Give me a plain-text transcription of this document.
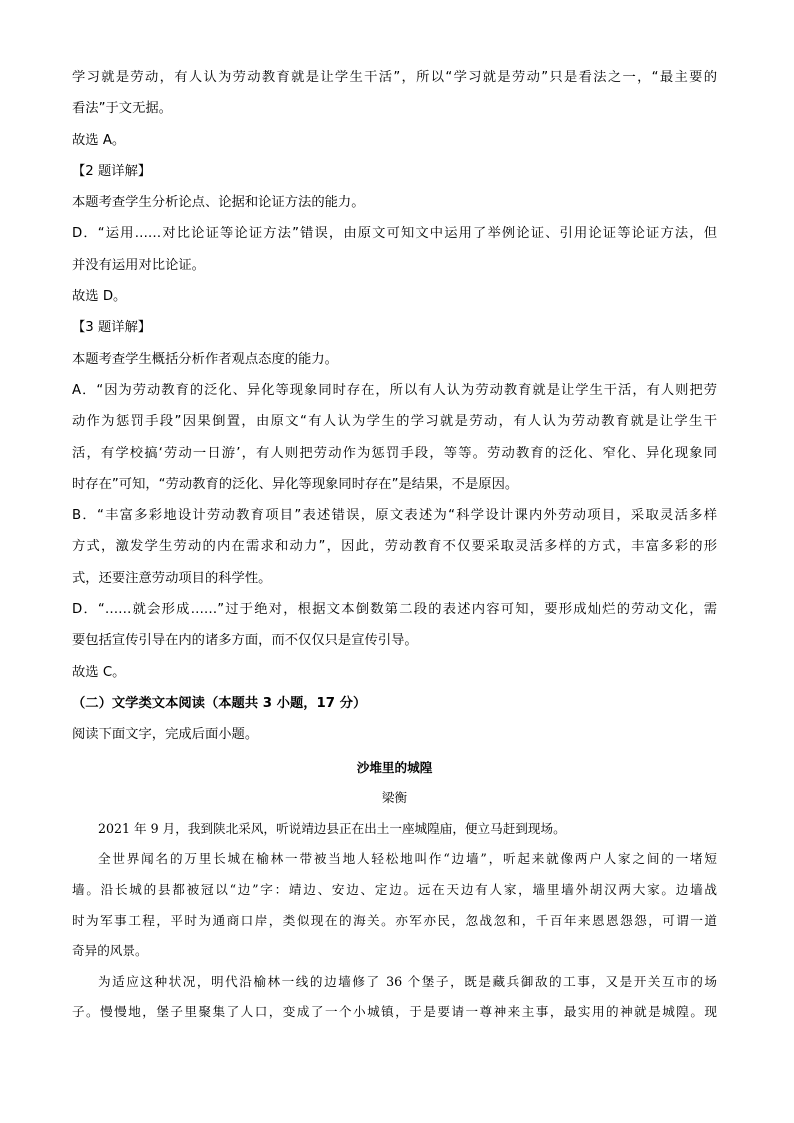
学习就是劳动，有人认为劳动教育就是让学生干活”，所以“学习就是劳动”只是看法之一，“最主要的
看法”于文无据。
故选 A。
【2 题详解】
本题考查学生分析论点、论据和论证方法的能力。
D．“运用……对比论证等论证方法”错误，由原文可知文中运用了举例论证、引用论证等论证方法，但
并没有运用对比论证。
故选 D。
【3 题详解】
本题考查学生概括分析作者观点态度的能力。
A．“因为劳动教育的泛化、异化等现象同时存在，所以有人认为劳动教育就是让学生干活，有人则把劳
动作为惩罚手段”因果倒置，由原文“有人认为学生的学习就是劳动，有人认为劳动教育就是让学生干
活，有学校搞‘劳动一日游’，有人则把劳动作为惩罚手段，等等。劳动教育的泛化、窄化、异化现象同
时存在”可知，“劳动教育的泛化、异化等现象同时存在”是结果，不是原因。
B．“丰富多彩地设计劳动教育项目”表述错误，原文表述为“科学设计课内外劳动项目，采取灵活多样
方式，激发学生劳动的内在需求和动力”，因此，劳动教育不仅要采取灵活多样的方式，丰富多彩的形
式，还要注意劳动项目的科学性。
D．“……就会形成……”过于绝对，根据文本倒数第二段的表述内容可知，要形成灿烂的劳动文化，需
要包括宣传引导在内的诸多方面，而不仅仅只是宣传引导。
故选 C。
（二）文学类文本阅读（本题共 3 小题，17 分）
阅读下面文字，完成后面小题。
沙堆里的城隍
梁衡
2021 年 9 月，我到陕北采风，听说靖边县正在出土一座城隍庙，便立马赶到现场。
全世界闻名的万里长城在榆林一带被当地人轻松地叫作“边墙”，听起来就像两户人家之间的一堵短
墙。沿长城的县都被冠以“边”字：靖边、安边、定边。远在天边有人家，墙里墙外胡汉两大家。边墙战
时为军事工程，平时为通商口岸，类似现在的海关。亦军亦民，忽战忽和，千百年来恩恩怨怨，可谓一道
奇异的风景。
为适应这种状况，明代沿榆林一线的边墙修了 36 个堡子，既是藏兵御敌的工事，又是开关互市的场
子。慢慢地，堡子里聚集了人口，变成了一个小城镇，于是要请一尊神来主事，最实用的神就是城隍。现
